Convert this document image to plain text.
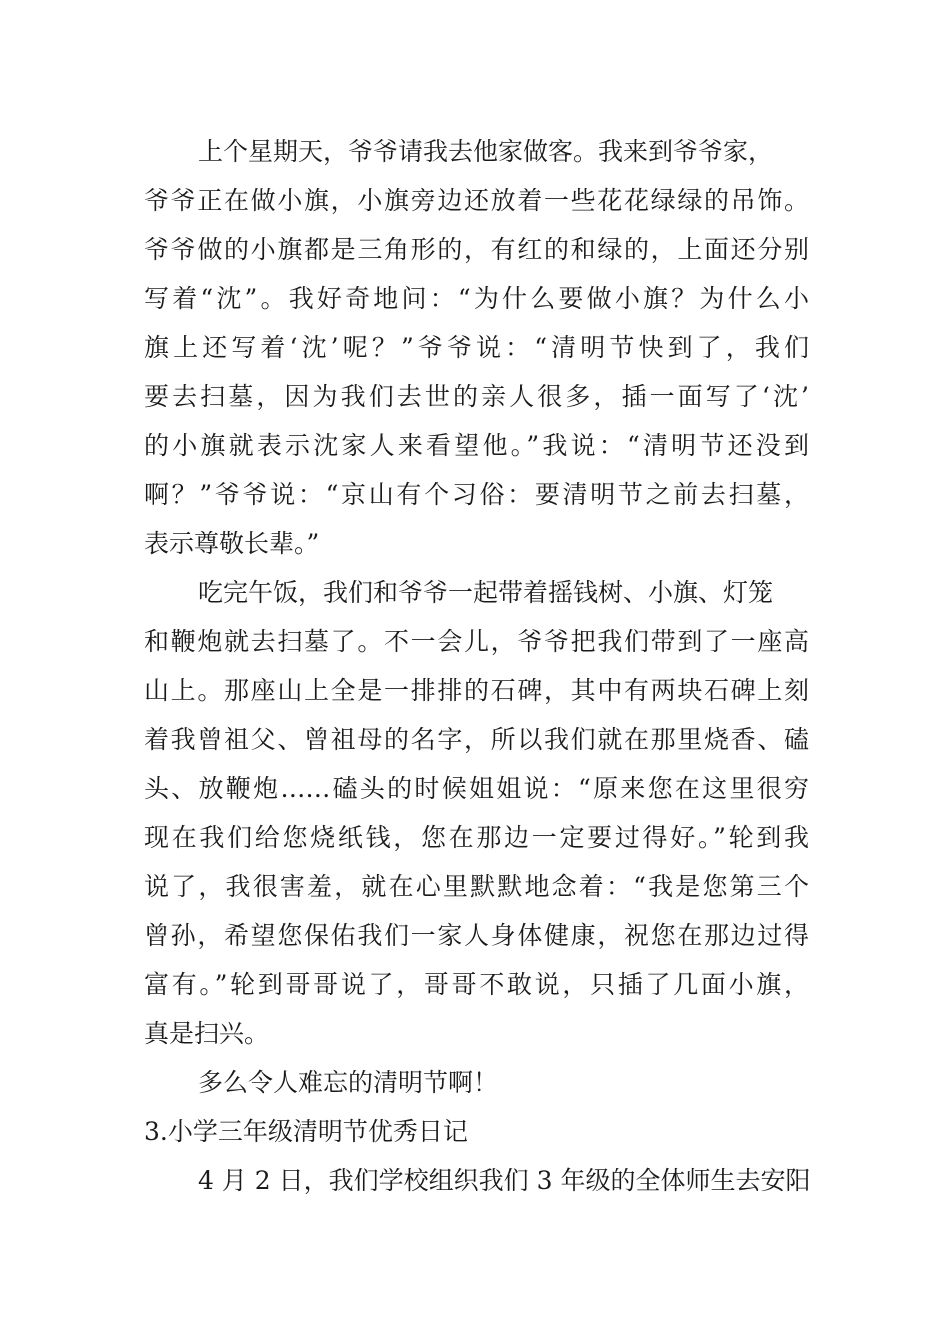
上个星期天，爷爷请我去他家做客。我来到爷爷家，
爷爷正在做小旗，小旗旁边还放着一些花花绿绿的吊饰。
爷爷做的小旗都是三角形的，有红的和绿的，上面还分别
写着“沈”。我好奇地问：“为什么要做小旗？为什么小
旗上还写着‘沈’呢？”爷爷说：“清明节快到了，我们
要去扫墓，因为我们去世的亲人很多，插一面写了‘沈’
的小旗就表示沈家人来看望他。”我说：“清明节还没到
啊？”爷爷说：“京山有个习俗：要清明节之前去扫墓，
表示尊敬长辈。”
吃完午饭，我们和爷爷一起带着摇钱树、小旗、灯笼
和鞭炮就去扫墓了。不一会儿，爷爷把我们带到了一座高
山上。那座山上全是一排排的石碑，其中有两块石碑上刻
着我曾祖父、曾祖母的名字，所以我们就在那里烧香、磕
头、放鞭炮……磕头的时候姐姐说：“原来您在这里很穷
现在我们给您烧纸钱，您在那边一定要过得好。”轮到我
说了，我很害羞，就在心里默默地念着：“我是您第三个
曾孙，希望您保佑我们一家人身体健康，祝您在那边过得
富有。”轮到哥哥说了，哥哥不敢说，只插了几面小旗，
真是扫兴。
多么令人难忘的清明节啊！
3.小学三年级清明节优秀日记
4 月 2 日，我们学校组织我们 3 年级的全体师生去安阳
